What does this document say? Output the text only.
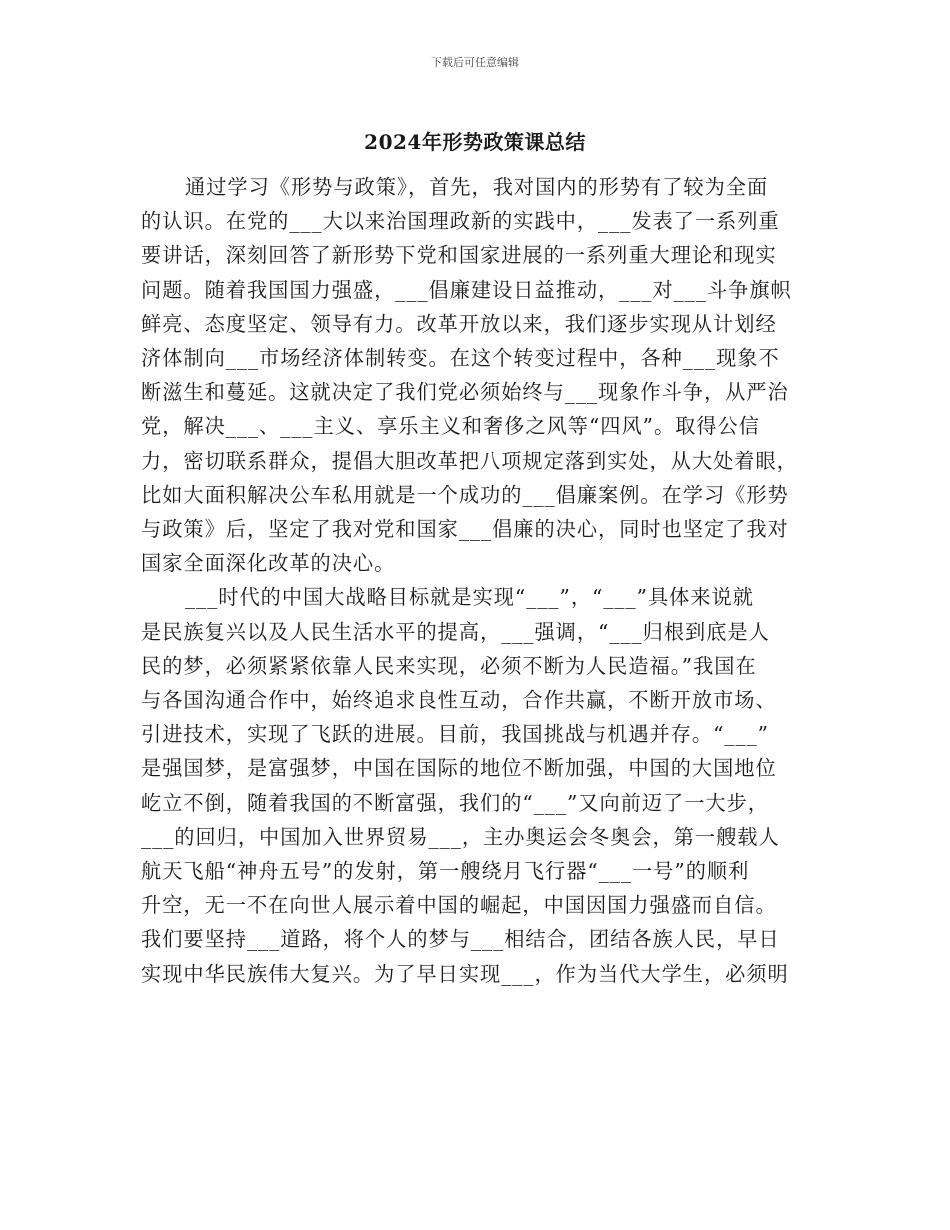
下载后可任意编辑
2024年形势政策课总结
通过学习《形势与政策》，首先，我对国内的形势有了较为全面
的认识。在党的___大以来治国理政新的实践中，___发表了一系列重
要讲话，深刻回答了新形势下党和国家进展的一系列重大理论和现实
问题。随着我国国力强盛，___倡廉建设日益推动，___对___斗争旗帜
鲜亮、态度坚定、领导有力。改革开放以来，我们逐步实现从计划经
济体制向___市场经济体制转变。在这个转变过程中，各种___现象不
断滋生和蔓延。这就决定了我们党必须始终与___现象作斗争，从严治
党，解决___、___主义、享乐主义和奢侈之风等“四风”。取得公信
力，密切联系群众，提倡大胆改革把八项规定落到实处，从大处着眼，
比如大面积解决公车私用就是一个成功的___倡廉案例。在学习《形势
与政策》后，坚定了我对党和国家___倡廉的决心，同时也坚定了我对
国家全面深化改革的决心。
___时代的中国大战略目标就是实现“___”，“___”具体来说就
是民族复兴以及人民生活水平的提高，___强调，“___归根到底是人
民的梦，必须紧紧依靠人民来实现，必须不断为人民造福。”我国在
与各国沟通合作中，始终追求良性互动，合作共赢，不断开放市场、
引进技术，实现了飞跃的进展。目前，我国挑战与机遇并存。“___”
是强国梦，是富强梦，中国在国际的地位不断加强，中国的大国地位
屹立不倒，随着我国的不断富强，我们的“___”又向前迈了一大步，
___的回归，中国加入世界贸易___，主办奥运会冬奥会，第一艘载人
航天飞船“神舟五号”的发射，第一艘绕月飞行器“___一号”的顺利
升空，无一不在向世人展示着中国的崛起，中国因国力强盛而自信。
我们要坚持___道路，将个人的梦与___相结合，团结各族人民，早日
实现中华民族伟大复兴。为了早日实现___，作为当代大学生，必须明
